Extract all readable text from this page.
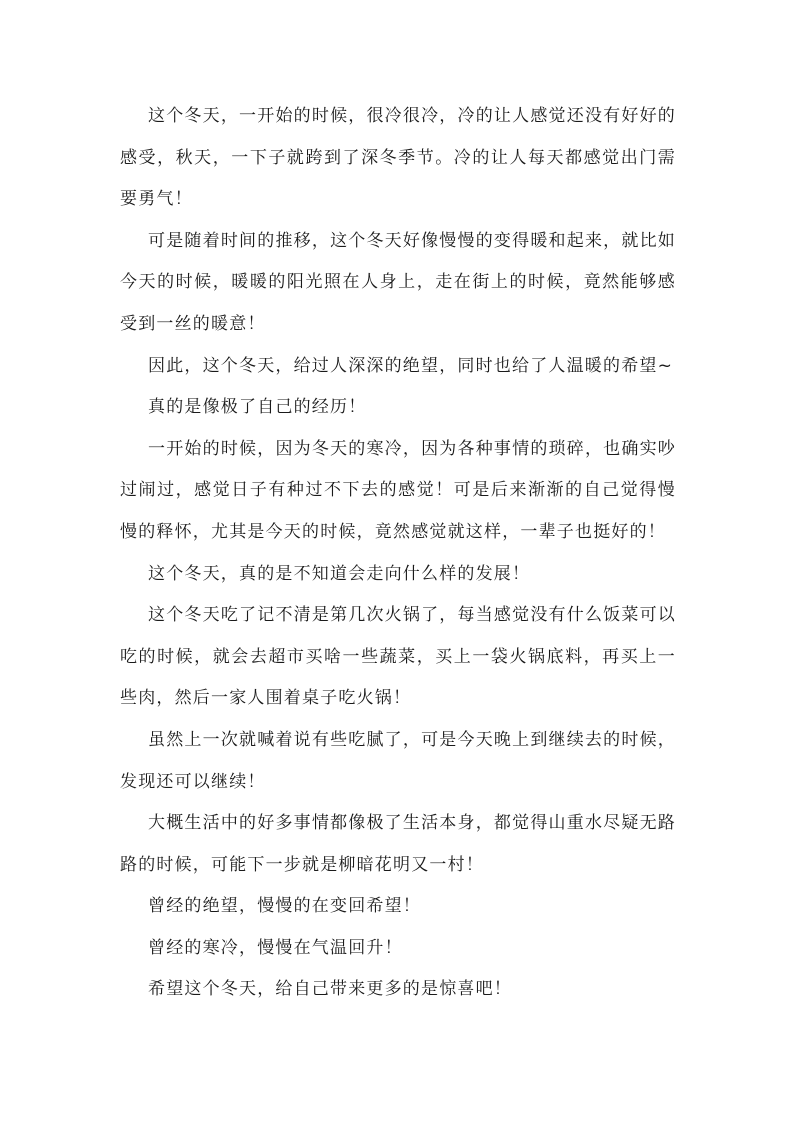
这个冬天，一开始的时候，很冷很冷，冷的让人感觉还没有好好的感受，秋天，一下子就跨到了深冬季节。冷的让人每天都感觉出门需要勇气！

可是随着时间的推移，这个冬天好像慢慢的变得暖和起来，就比如今天的时候，暖暖的阳光照在人身上，走在街上的时候，竟然能够感受到一丝的暖意！

因此，这个冬天，给过人深深的绝望，同时也给了人温暖的希望~

真的是像极了自己的经历！

一开始的时候，因为冬天的寒冷，因为各种事情的琐碎，也确实吵过闹过，感觉日子有种过不下去的感觉！可是后来渐渐的自己觉得慢慢的释怀，尤其是今天的时候，竟然感觉就这样，一辈子也挺好的！

这个冬天，真的是不知道会走向什么样的发展！

这个冬天吃了记不清是第几次火锅了，每当感觉没有什么饭菜可以吃的时候，就会去超市买啥一些蔬菜，买上一袋火锅底料，再买上一些肉，然后一家人围着桌子吃火锅！

虽然上一次就喊着说有些吃腻了，可是今天晚上到继续去的时候，发现还可以继续！

大概生活中的好多事情都像极了生活本身，都觉得山重水尽疑无路路的时候，可能下一步就是柳暗花明又一村！

曾经的绝望，慢慢的在变回希望！

曾经的寒冷，慢慢在气温回升！

希望这个冬天，给自己带来更多的是惊喜吧！
